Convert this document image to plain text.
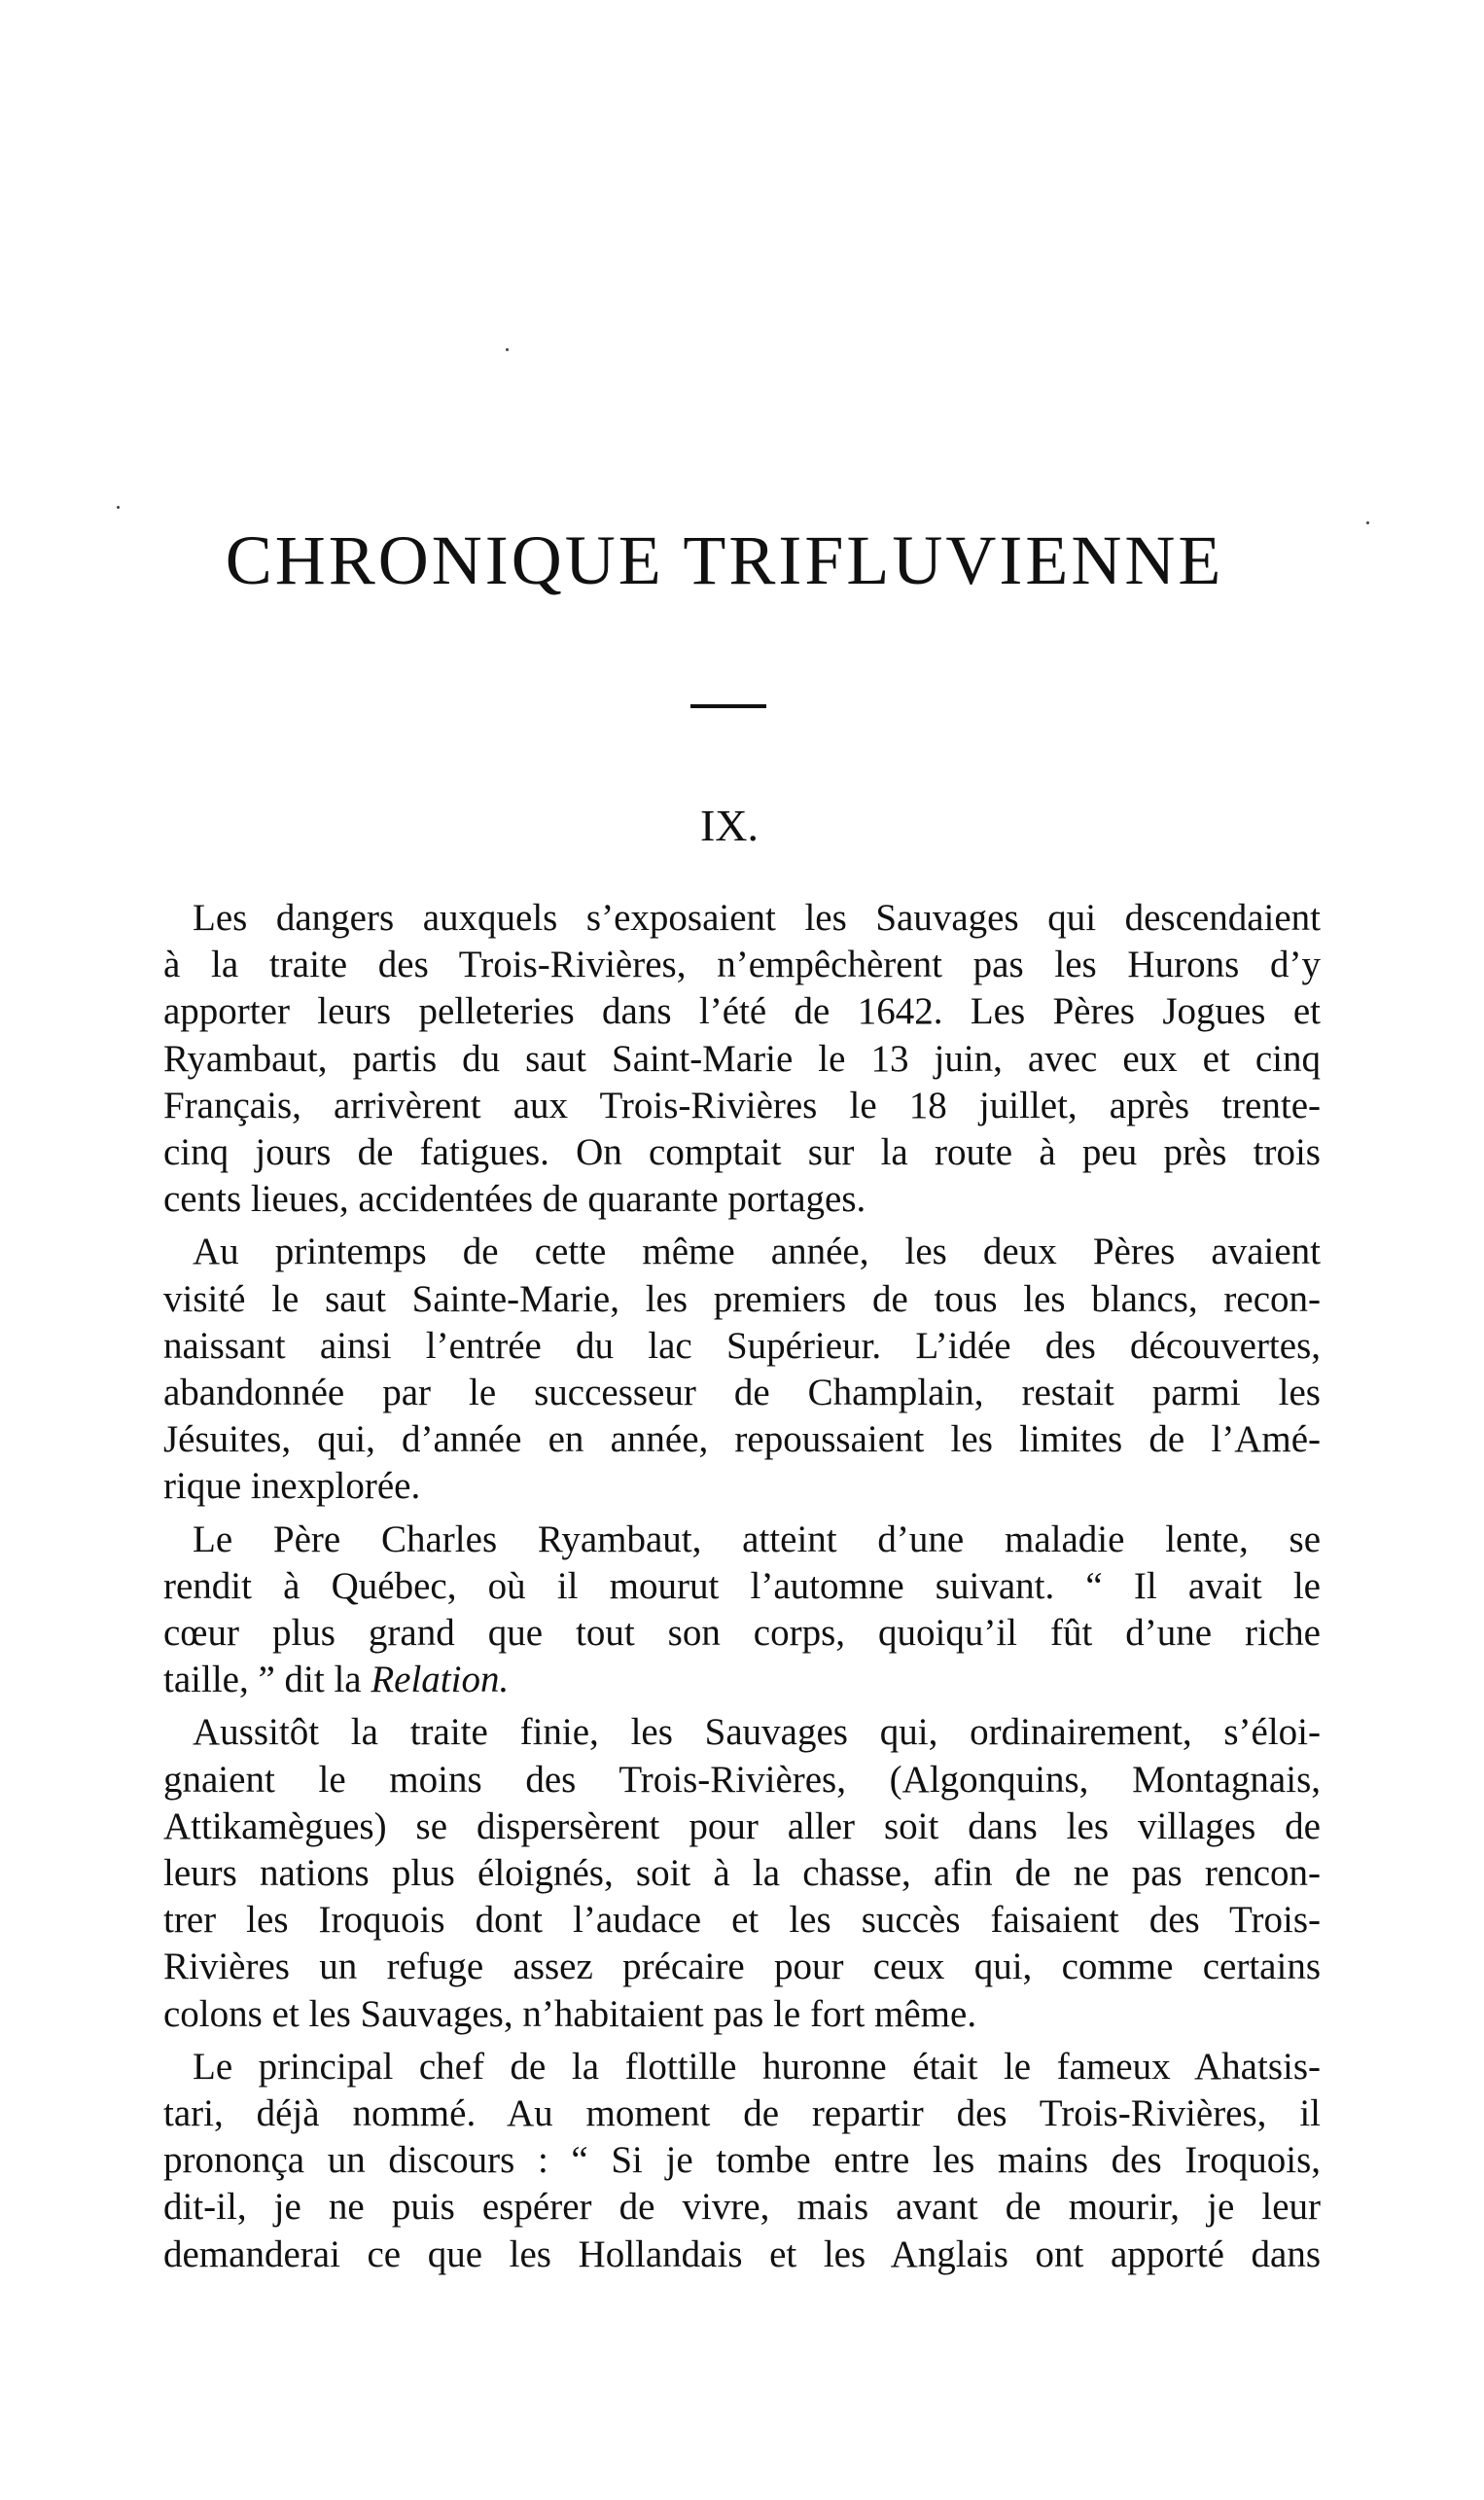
CHRONIQUE TRIFLUVIENNE
IX.

Les dangers auxquels s’exposaient les Sauvages qui descendaient
à la traite des Trois-Rivières, n’empêchèrent pas les Hurons d’y
apporter leurs pelleteries dans l’été de 1642. Les Pères Jogues et
Ryambaut, partis du saut Saint-Marie le 13 juin, avec eux et cinq
Français, arrivèrent aux Trois-Rivières le 18 juillet, après trente-
cinq jours de fatigues. On comptait sur la route à peu près trois
cents lieues, accidentées de quarante portages.

Au printemps de cette même année, les deux Pères avaient
visité le saut Sainte-Marie, les premiers de tous les blancs, recon-
naissant ainsi l’entrée du lac Supérieur. L’idée des découvertes,
abandonnée par le successeur de Champlain, restait parmi les
Jésuites, qui, d’année en année, repoussaient les limites de l’Amé-
rique inexplorée.

Le Père Charles Ryambaut, atteint d’une maladie lente, se
rendit à Québec, où il mourut l’automne suivant. “ Il avait le
cœur plus grand que tout son corps, quoiqu’il fût d’une riche
taille, ” dit la Relation.

Aussitôt la traite finie, les Sauvages qui, ordinairement, s’éloi-
gnaient le moins des Trois-Rivières, (Algonquins, Montagnais,
Attikamègues) se dispersèrent pour aller soit dans les villages de
leurs nations plus éloignés, soit à la chasse, afin de ne pas rencon-
trer les Iroquois dont l’audace et les succès faisaient des Trois-
Rivières un refuge assez précaire pour ceux qui, comme certains
colons et les Sauvages, n’habitaient pas le fort même.

Le principal chef de la flottille huronne était le fameux Ahatsis-
tari, déjà nommé. Au moment de repartir des Trois-Rivières, il
prononça un discours : “ Si je tombe entre les mains des Iroquois,
dit-il, je ne puis espérer de vivre, mais avant de mourir, je leur
demanderai ce que les Hollandais et les Anglais ont apporté dans
